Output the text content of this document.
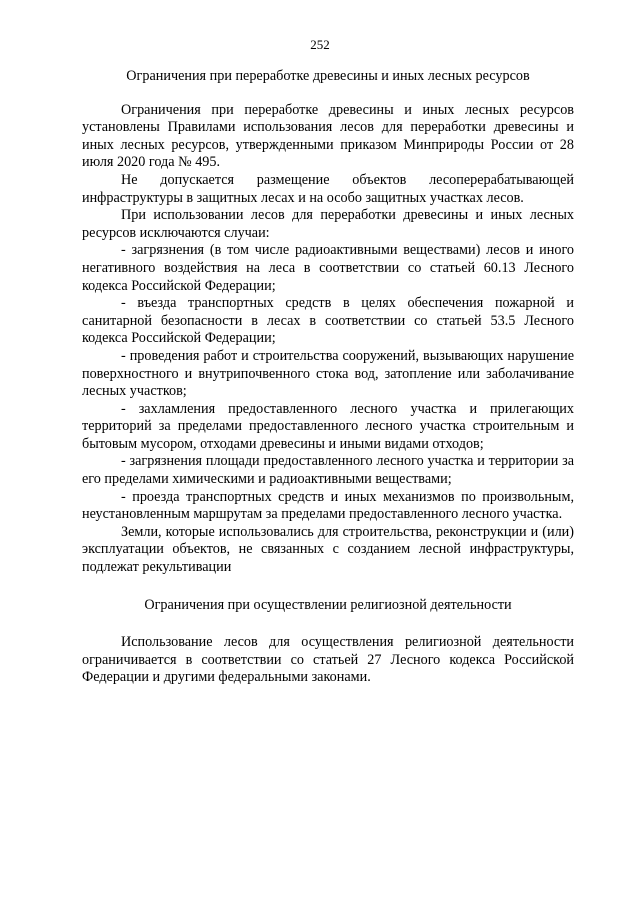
252
Ограничения при переработке древесины и иных лесных ресурсов

Ограничения при переработке древесины и иных лесных ресурсов установлены Правилами использования лесов для переработки древесины и иных лесных ресурсов, утвержденными приказом Минприроды России от 28 июля 2020 года № 495.

Не допускается размещение объектов лесоперерабатывающей инфраструктуры в защитных лесах и на особо защитных участках лесов.

При использовании лесов для переработки древесины и иных лесных ресурсов исключаются случаи:

- загрязнения (в том числе радиоактивными веществами) лесов и иного негативного воздействия на леса в соответствии со статьей 60.13 Лесного кодекса Российской Федерации;

- въезда транспортных средств в целях обеспечения пожарной и санитарной безопасности в лесах в соответствии со статьей 53.5 Лесного кодекса Российской Федерации;

- проведения работ и строительства сооружений, вызывающих нарушение поверхностного и внутрипочвенного стока вод, затопление или заболачивание лесных участков;

- захламления предоставленного лесного участка и прилегающих территорий за пределами предоставленного лесного участка строительным и бытовым мусором, отходами древесины и иными видами отходов;

- загрязнения площади предоставленного лесного участка и территории за его пределами химическими и радиоактивными веществами;

- проезда транспортных средств и иных механизмов по произвольным, неустановленным маршрутам за пределами предоставленного лесного участка.

Земли, которые использовались для строительства, реконструкции и (или) эксплуатации объектов, не связанных с созданием лесной инфраструктуры, подлежат рекультивации

Ограничения при осуществлении религиозной деятельности

Использование лесов для осуществления религиозной деятельности ограничивается в соответствии со статьей 27 Лесного кодекса Российской Федерации и другими федеральными законами.
